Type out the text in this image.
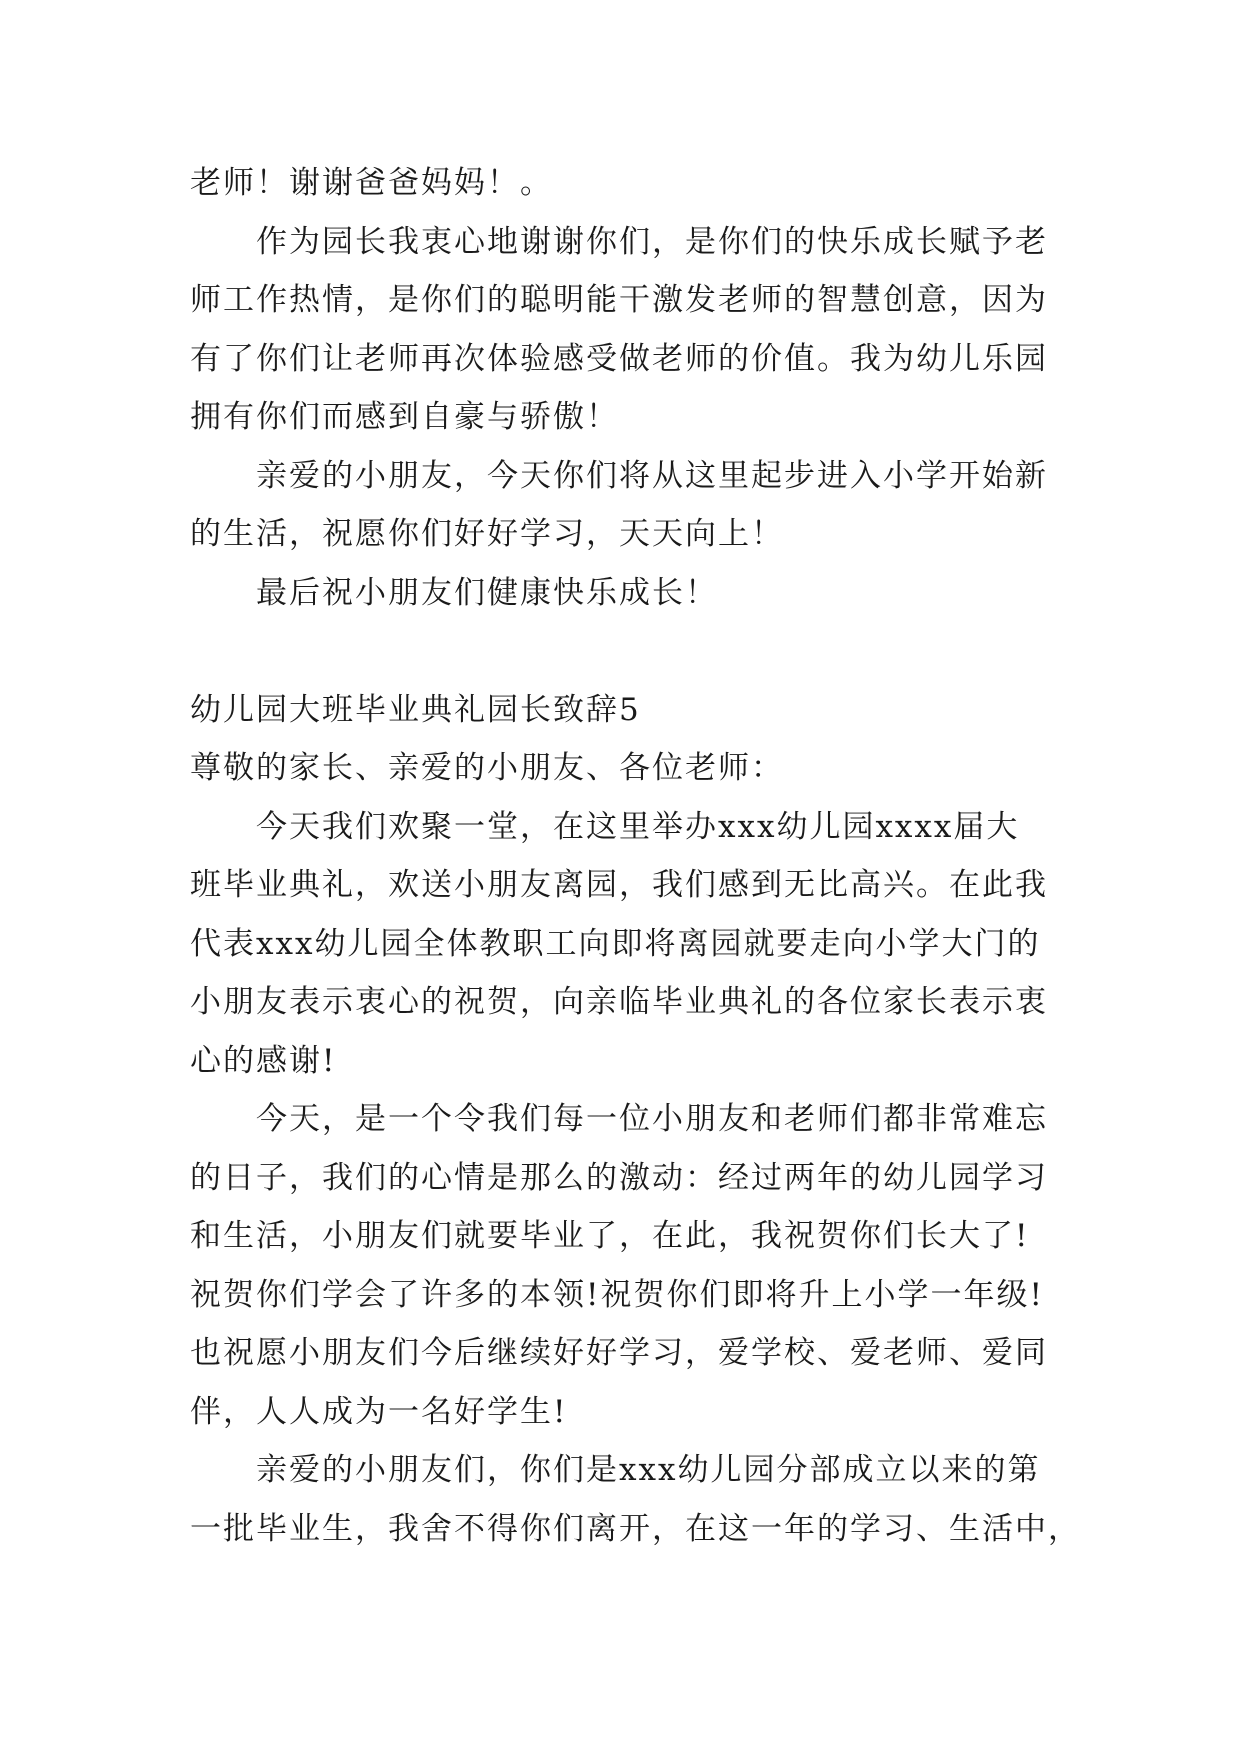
老师！谢谢爸爸妈妈！。
作为园长我衷心地谢谢你们，是你们的快乐成长赋予老
师工作热情，是你们的聪明能干激发老师的智慧创意，因为
有了你们让老师再次体验感受做老师的价值。我为幼儿乐园
拥有你们而感到自豪与骄傲！
亲爱的小朋友，今天你们将从这里起步进入小学开始新
的生活，祝愿你们好好学习，天天向上！
最后祝小朋友们健康快乐成长！
幼儿园大班毕业典礼园长致辞5
尊敬的家长、亲爱的小朋友、各位老师：
今天我们欢聚一堂，在这里举办xxx幼儿园xxxx届大
班毕业典礼，欢送小朋友离园，我们感到无比高兴。在此我
代表xxx幼儿园全体教职工向即将离园就要走向小学大门的
小朋友表示衷心的祝贺，向亲临毕业典礼的各位家长表示衷
心的感谢!
今天，是一个令我们每一位小朋友和老师们都非常难忘
的日子，我们的心情是那么的激动：经过两年的幼儿园学习
和生活，小朋友们就要毕业了，在此，我祝贺你们长大了!
祝贺你们学会了许多的本领!祝贺你们即将升上小学一年级!
也祝愿小朋友们今后继续好好学习，爱学校、爱老师、爱同
伴，人人成为一名好学生!
亲爱的小朋友们，你们是xxx幼儿园分部成立以来的第
一批毕业生，我舍不得你们离开，在这一年的学习、生活中，
